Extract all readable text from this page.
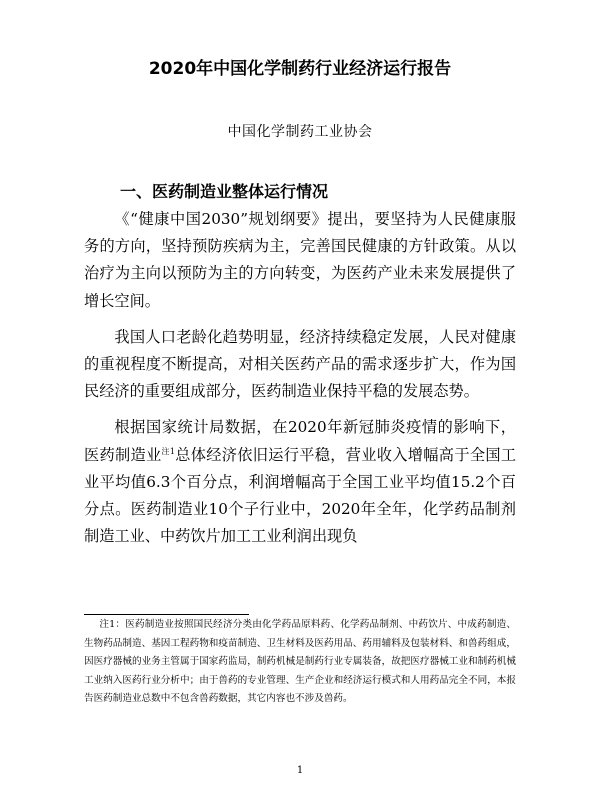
2020年中国化学制药行业经济运行报告
中国化学制药工业协会
一、医药制造业整体运行情况

《“健康中国2030”规划纲要》提出，要坚持为人民健康服务的方向，坚持预防疾病为主，完善国民健康的方针政策。从以治疗为主向以预防为主的方向转变，为医药产业未来发展提供了增长空间。

我国人口老龄化趋势明显，经济持续稳定发展，人民对健康的重视程度不断提高，对相关医药产品的需求逐步扩大，作为国民经济的重要组成部分，医药制造业保持平稳的发展态势。

根据国家统计局数据，在2020年新冠肺炎疫情的影响下，医药制造业$^{注1}$总体经济依旧运行平稳，营业收入增幅高于全国工业平均值6.3个百分点，利润增幅高于全国工业平均值15.2个百分点。医药制造业10个子行业中，2020年全年，化学药品制剂制造工业、中药饮片加工工业利润出现负

注1：医药制造业按照国民经济分类由化学药品原料药、化学药品制剂、中药饮片、中成药制造、生物药品制造、基因工程药物和疫苗制造、卫生材料及医药用品、药用辅料及包装材料、和兽药组成，因医疗器械的业务主管属于国家药监局，制药机械是制药行业专属装备，故把医疗器械工业和制药机械工业纳入医药行业分析中；由于兽药的专业管理、生产企业和经济运行模式和人用药品完全不同，本报告医药制造业总数中不包含兽药数据，其它内容也不涉及兽药。
1
